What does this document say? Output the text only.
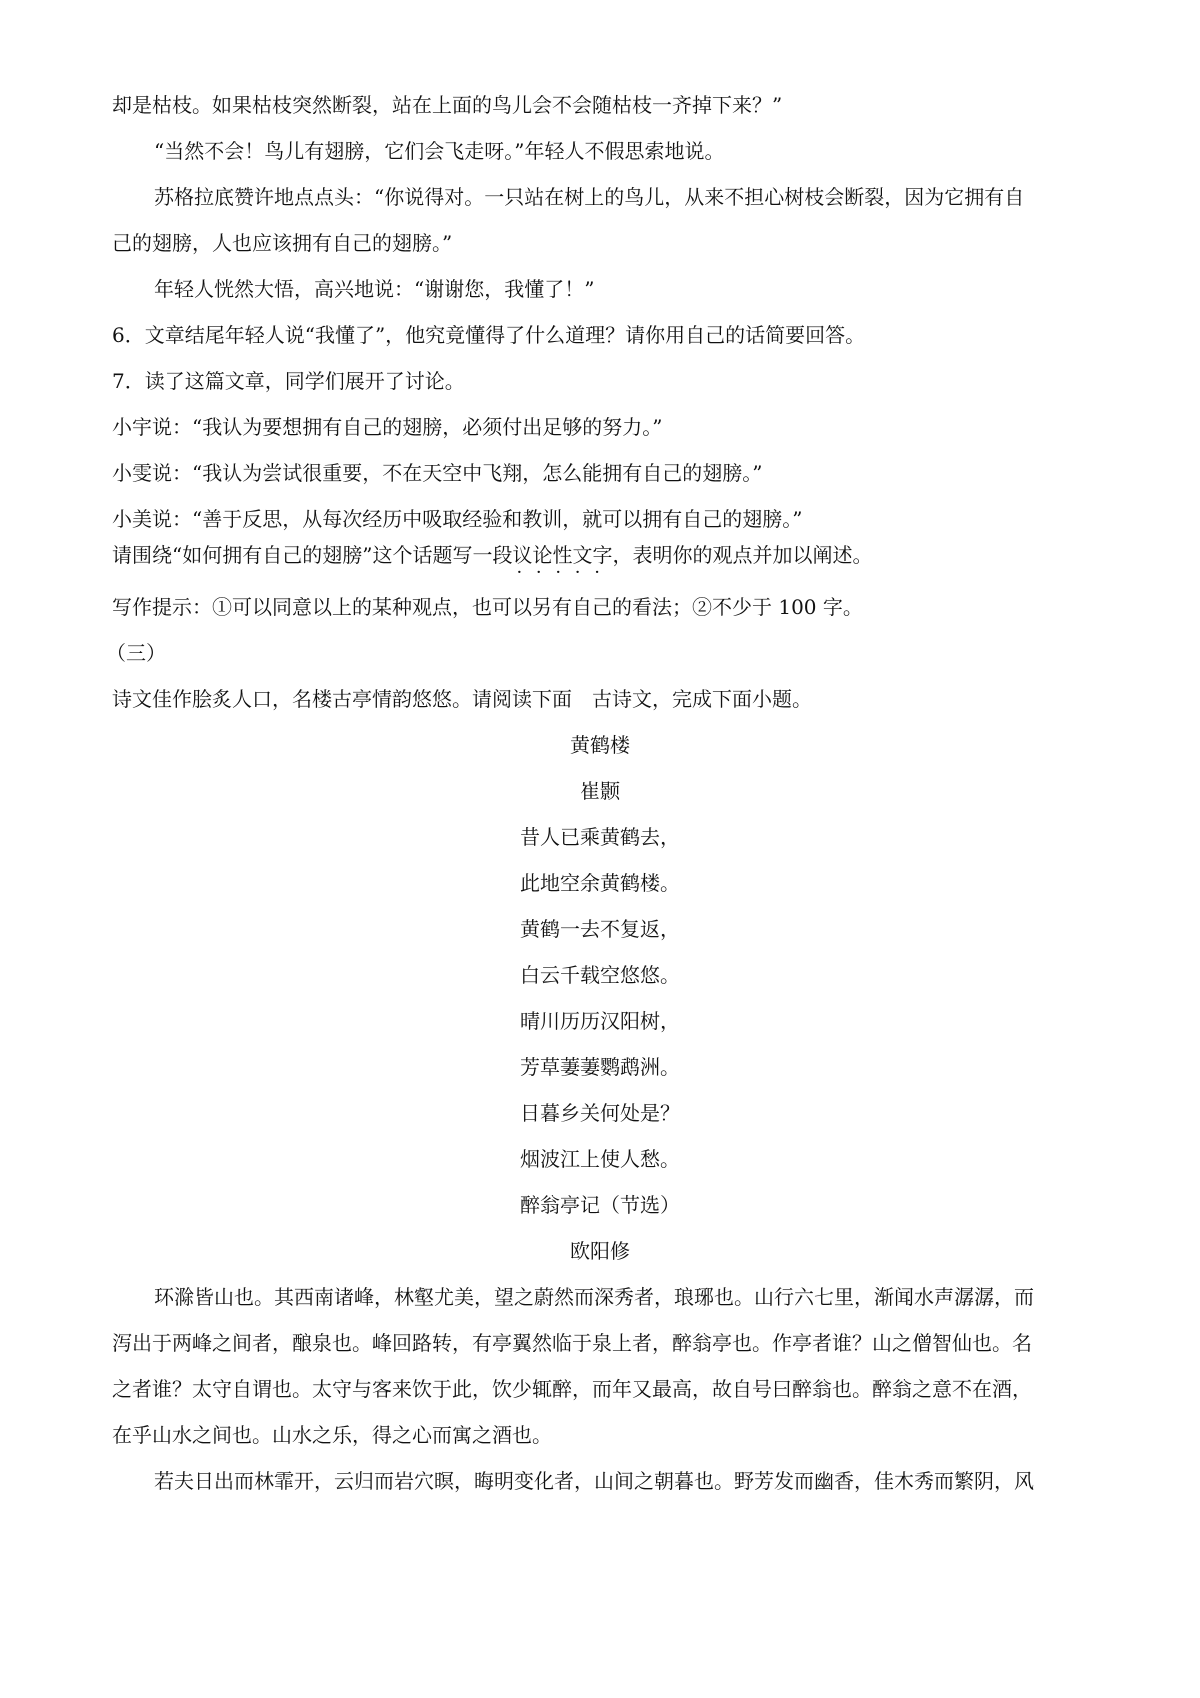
却是枯枝。如果枯枝突然断裂，站在上面的鸟儿会不会随枯枝一齐掉下来？”
“当然不会！鸟儿有翅膀，它们会飞走呀。”年轻人不假思索地说。
苏格拉底赞许地点点头：“你说得对。一只站在树上的鸟儿，从来不担心树枝会断裂，因为它拥有自
己的翅膀，人也应该拥有自己的翅膀。”
年轻人恍然大悟，高兴地说：“谢谢您，我懂了！”
6．文章结尾年轻人说“我懂了”，他究竟懂得了什么道理？请你用自己的话简要回答。
7．读了这篇文章，同学们展开了讨论。
小宇说：“我认为要想拥有自己的翅膀，必须付出足够的努力。”
小雯说：“我认为尝试很重要，不在天空中飞翔，怎么能拥有自己的翅膀。”
小美说：“善于反思，从每次经历中吸取经验和教训，就可以拥有自己的翅膀。”
请围绕“如何拥有自己的翅膀”这个话题写一段议论性文字 · · ·，表明你的观点并加以阐述。
写作提示：①可以同意以上的某种观点，也可以另有自己的看法；②不少于 100 字。
（三）
诗文佳作脍炙人口，名楼古亭情韵悠悠。请阅读下面　古诗文，完成下面小题。
黄鹤楼
崔颢
昔人已乘黄鹤去，
此地空余黄鹤楼。
黄鹤一去不复返，
白云千载空悠悠。
晴川历历汉阳树，
芳草萋萋鹦鹉洲。
日暮乡关何处是？
烟波江上使人愁。
醉翁亭记（节选）
欧阳修
环滁皆山也。其西南诸峰，林壑尤美，望之蔚然而深秀者，琅琊也。山行六七里，渐闻水声潺潺，而
泻出于两峰之间者，酿泉也。峰回路转，有亭翼然临于泉上者，醉翁亭也。作亭者谁？山之僧智仙也。名
之者谁？太守自谓也。太守与客来饮于此，饮少辄醉，而年又最高，故自号曰醉翁也。醉翁之意不在酒，
在乎山水之间也。山水之乐，得之心而寓之酒也。
若夫日出而林霏开，云归而岩穴暝，晦明变化者，山间之朝暮也。野芳发而幽香，佳木秀而繁阴，风
